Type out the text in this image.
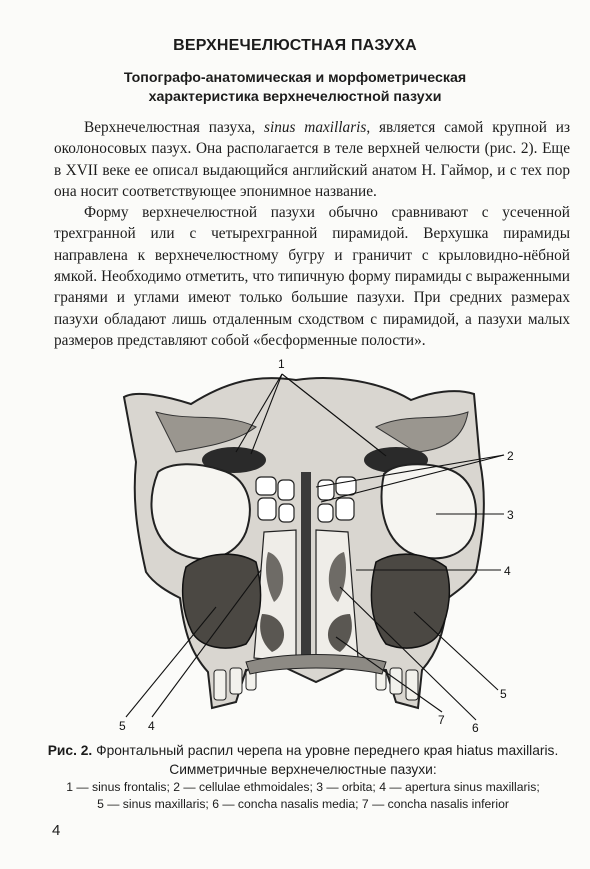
ВЕРХНЕЧЕЛЮСТНАЯ ПАЗУХА
Топографо-анатомическая и морфометрическая
характеристика верхнечелюстной пазухи

Верхнечелюстная пазуха, sinus maxillaris, является самой крупной из околоносовых пазух. Она располагается в теле верхней челюсти (рис. 2). Еще в XVII веке ее описал выдающийся английский анатом Н. Гаймор, и с тех пор она носит соответствующее эпонимное название.

Форму верхнечелюстной пазухи обычно сравнивают с усеченной трехгранной или с четырехгранной пирамидой. Верхушка пирамиды направлена к верхнечелюстному бугру и граничит с крыловидно-нёбной ямкой. Необходимо отметить, что типичную форму пирамиды с выраженными гранями и углами имеют только большие пазухи. При средних размерах пазухи обладают лишь отдаленным сходством с пирамидой, а пазухи малых размеров представляют собой «бесформенные полости».

1
2
3
4
5
6
7
5 4
Рис. 2. Фронтальный распил черепа на уровне переднего края hiatus maxillaris. Симметричные верхнечелюстные пазухи:
1 — sinus frontalis; 2 — cellulae ethmoidales; 3 — orbita; 4 — apertura sinus maxillaris;
5 — sinus maxillaris; 6 — concha nasalis media; 7 — concha nasalis inferior
4
